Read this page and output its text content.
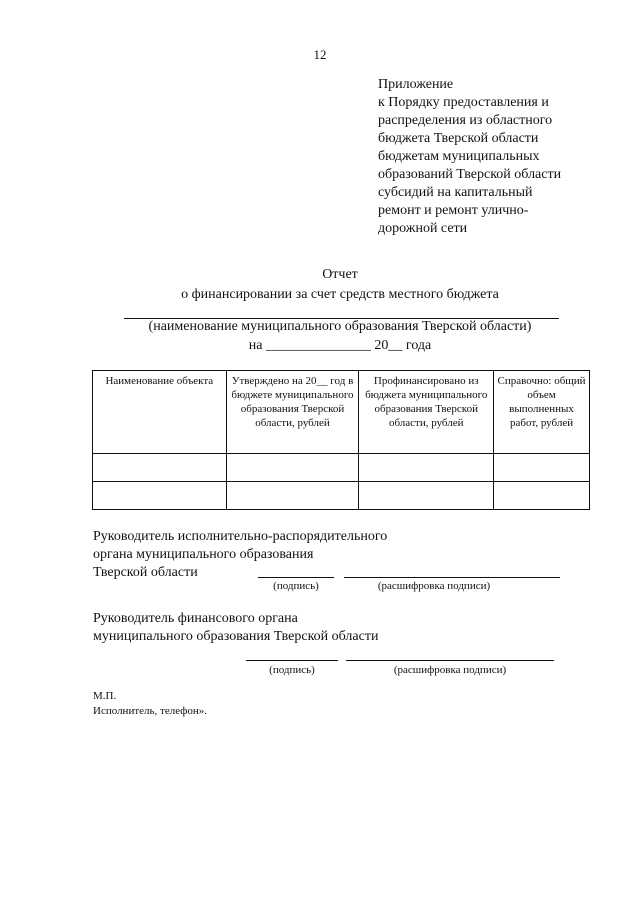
12
Приложение
к Порядку предоставления и
распределения из областного
бюджета Тверской области
бюджетам муниципальных
образований Тверской области
субсидий на капитальный
ремонт и ремонт улично-
дорожной сети
Отчет
о финансировании за счет средств местного бюджета
(наименование муниципального образования Тверской области)
на _______________ 20__ года
Наименование объекта	Утверждено на 20__ год в бюджете муниципального образования Тверской области, рублей	Профинансировано из бюджета муниципального образования Тверской области, рублей	Справочно: общий объем выполненных работ, рублей

Руководитель исполнительно-распорядительного
органа муниципального образования
Тверской области
(подпись)	(расшифровка подписи)
Руководитель финансового органа
муниципального образования Тверской области
(подпись)	(расшифровка подписи)
М.П.
Исполнитель, телефон».
